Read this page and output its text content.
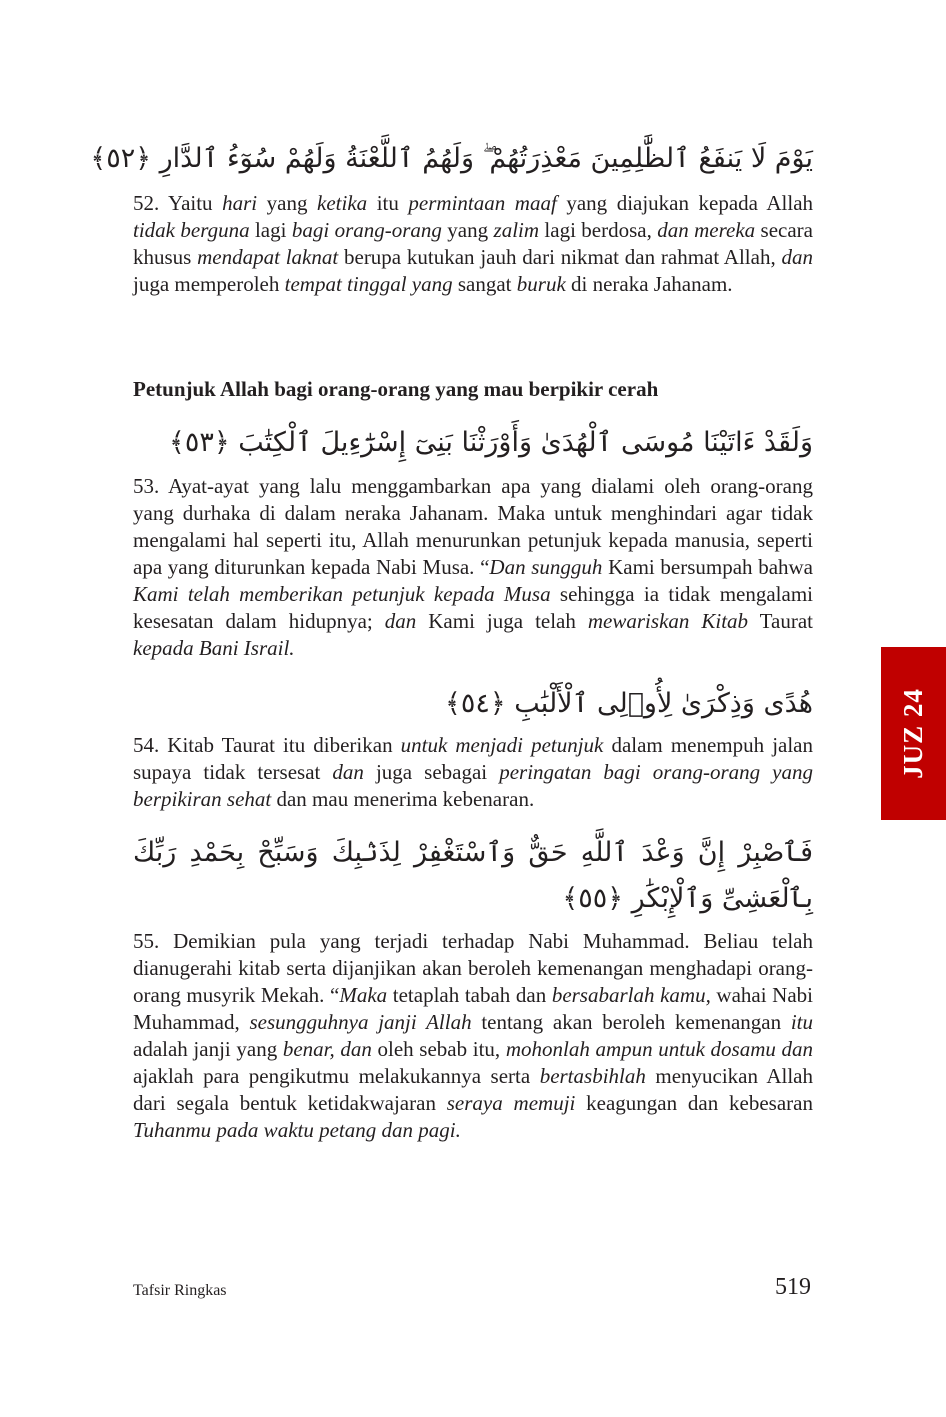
يَوْمَ لَا يَنفَعُ ٱلظَّٰلِمِينَ مَعْذِرَتُهُمْ ۖ وَلَهُمُ ٱللَّعْنَةُ وَلَهُمْ سُوٓءُ ٱلدَّارِ ﴿٥٢﴾
52. Yaitu hari yang ketika itu permintaan maaf yang diajukan kepada Allah tidak berguna lagi bagi orang-orang yang zalim lagi berdosa, dan mereka secara khusus mendapat laknat berupa kutukan jauh dari nikmat dan rahmat Allah, dan juga memperoleh tempat tinggal yang sangat buruk di neraka Jahanam.
Petunjuk Allah bagi orang-orang yang mau berpikir cerah
وَلَقَدْ ءَاتَيْنَا مُوسَى ٱلْهُدَىٰ وَأَوْرَثْنَا بَنِىٓ إِسْرَٰٓءِيلَ ٱلْكِتَٰبَ ﴿٥٣﴾
53. Ayat-ayat yang lalu menggambarkan apa yang dialami oleh orang-orang yang durhaka di dalam neraka Jahanam. Maka untuk menghindari agar tidak mengalami hal seperti itu, Allah menurunkan petunjuk kepada manusia, seperti apa yang diturunkan kepada Nabi Musa. “Dan sungguh Kami bersumpah bahwa Kami telah memberikan petunjuk kepada Musa sehingga ia tidak mengalami kesesatan dalam hidupnya; dan Kami juga telah mewariskan Kitab Taurat kepada Bani Israil.
هُدًى وَذِكْرَىٰ لِأُو۟لِى ٱلْأَلْبَٰبِ ﴿٥٤﴾
54. Kitab Taurat itu diberikan untuk menjadi petunjuk dalam menempuh jalan supaya tidak tersesat dan juga sebagai peringatan bagi orang-orang yang berpikiran sehat dan mau menerima kebenaran.
فَٱصْبِرْ إِنَّ وَعْدَ ٱللَّهِ حَقٌّ وَٱسْتَغْفِرْ لِذَنۢبِكَ وَسَبِّحْ بِحَمْدِ رَبِّكَ بِٱلْعَشِىِّ وَٱلْإِبْكَٰرِ ﴿٥٥﴾
55. Demikian pula yang terjadi terhadap Nabi Muhammad. Beliau telah dianugerahi kitab serta dijanjikan akan beroleh kemenangan menghadapi orang-orang musyrik Mekah. “Maka tetaplah tabah dan bersabarlah kamu, wahai Nabi Muhammad, sesungguhnya janji Allah tentang akan beroleh kemenangan itu adalah janji yang benar, dan oleh sebab itu, mohonlah ampun untuk dosamu dan ajaklah para pengikutmu melakukannya serta bertasbihlah menyucikan Allah dari segala bentuk ketidakwajaran seraya memuji keagungan dan kebesaran Tuhanmu pada waktu petang dan pagi.
JUZ 24
Tafsir Ringkas	519
